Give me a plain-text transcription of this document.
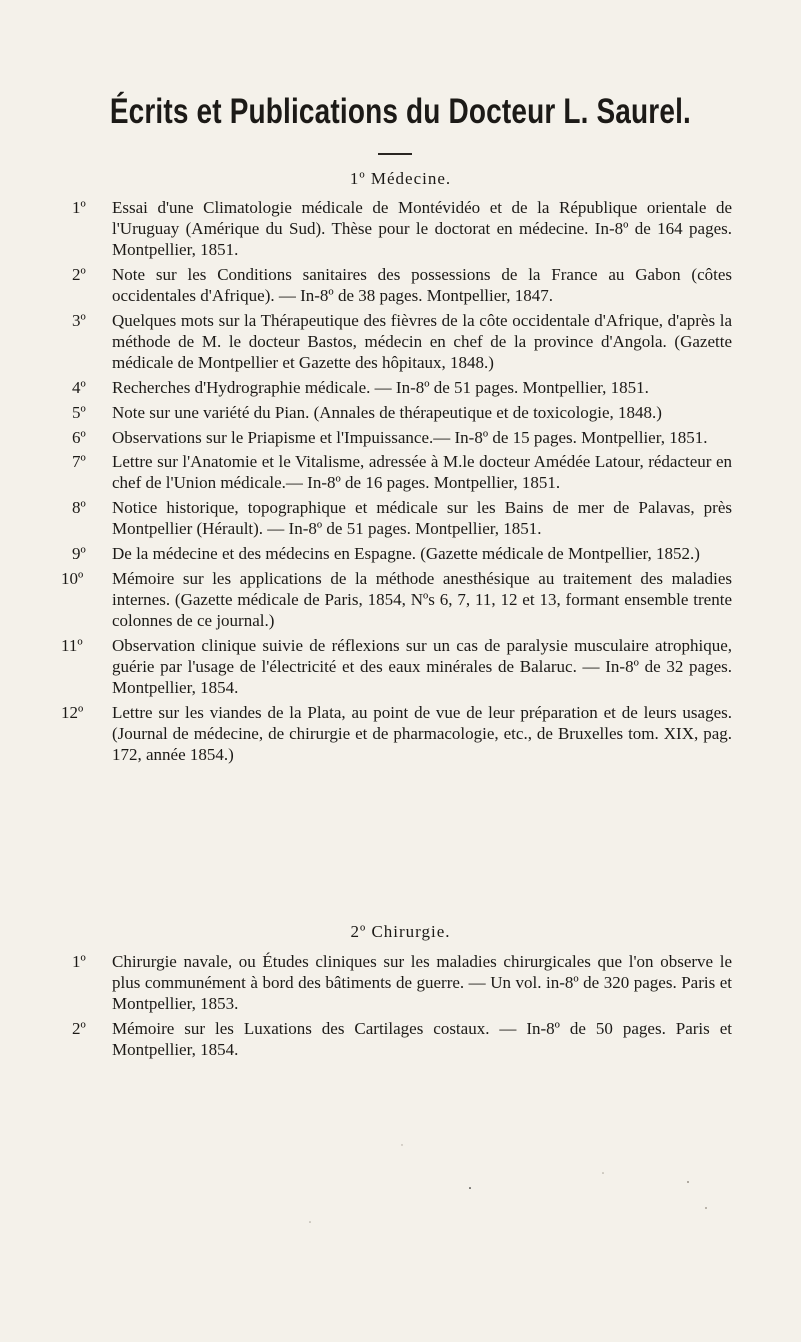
Écrits et Publications du Docteur L. Saurel.
1º Médecine.
1º Essai d'une Climatologie médicale de Montévidéo et de la République orientale de l'Uruguay (Amérique du Sud). Thèse pour le doctorat en médecine. In-8º de 164 pages. Montpellier, 1851.
2º Note sur les Conditions sanitaires des possessions de la France au Gabon (côtes occidentales d'Afrique). — In-8º de 38 pages. Montpellier, 1847.
3º Quelques mots sur la Thérapeutique des fièvres de la côte occidentale d'Afrique, d'après la méthode de M. le docteur Bastos, médecin en chef de la province d'Angola. (Gazette médicale de Montpellier et Gazette des hôpitaux, 1848.)
4º Recherches d'Hydrographie médicale. — In-8º de 51 pages. Montpellier, 1851.
5º Note sur une variété du Pian. (Annales de thérapeutique et de toxicologie, 1848.)
6º Observations sur le Priapisme et l'Impuissance.— In-8º de 15 pages. Montpellier, 1851.
7º Lettre sur l'Anatomie et le Vitalisme, adressée à M.le docteur Amédée Latour, rédacteur en chef de l'Union médicale.— In-8º de 16 pages. Montpellier, 1851.
8º Notice historique, topographique et médicale sur les Bains de mer de Palavas, près Montpellier (Hérault). — In-8º de 51 pages. Montpellier, 1851.
9º De la médecine et des médecins en Espagne. (Gazette médicale de Montpellier, 1852.)
10º Mémoire sur les applications de la méthode anesthésique au traitement des maladies internes. (Gazette médicale de Paris, 1854, Nºs 6, 7, 11, 12 et 13, formant ensemble trente colonnes de ce journal.)
11º Observation clinique suivie de réflexions sur un cas de paralysie musculaire atrophique, guérie par l'usage de l'électricité et des eaux minérales de Balaruc. — In-8º de 32 pages. Montpellier, 1854.
12º Lettre sur les viandes de la Plata, au point de vue de leur préparation et de leurs usages. (Journal de médecine, de chirurgie et de pharmacologie, etc., de Bruxelles tom. XIX, pag. 172, année 1854.)
2º Chirurgie.
1º Chirurgie navale, ou Études cliniques sur les maladies chirurgicales que l'on observe le plus communément à bord des bâtiments de guerre. — Un vol. in-8º de 320 pages. Paris et Montpellier, 1853.
2º Mémoire sur les Luxations des Cartilages costaux. — In-8º de 50 pages. Paris et Montpellier, 1854.
